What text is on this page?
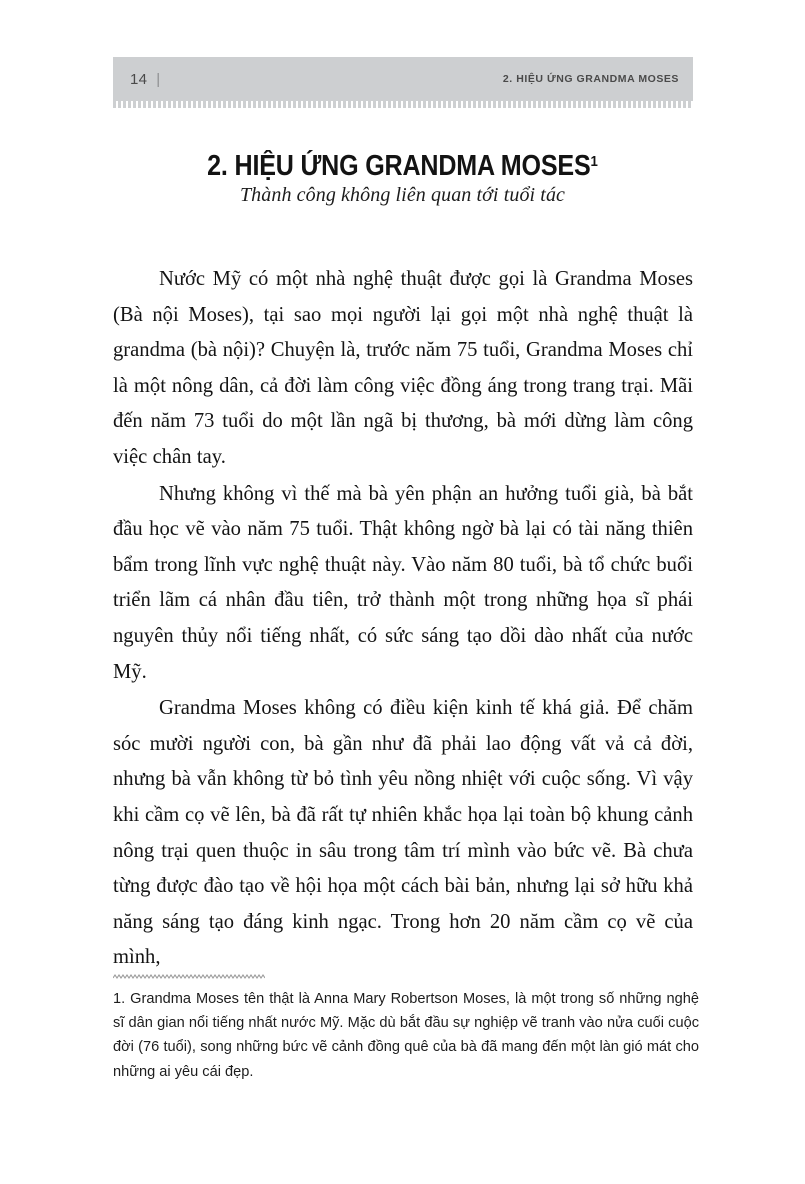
14 |	2. HIỆU ỨNG GRANDMA MOSES
2. HIỆU ỨNG GRANDMA MOSES$^1$
Thành công không liên quan tới tuổi tác

Nước Mỹ có một nhà nghệ thuật được gọi là Grandma Moses (Bà nội Moses), tại sao mọi người lại gọi một nhà nghệ thuật là grandma (bà nội)? Chuyện là, trước năm 75 tuổi, Grandma Moses chỉ là một nông dân, cả đời làm công việc đồng áng trong trang trại. Mãi đến năm 73 tuổi do một lần ngã bị thương, bà mới dừng làm công việc chân tay.

Nhưng không vì thế mà bà yên phận an hưởng tuổi già, bà bắt đầu học vẽ vào năm 75 tuổi. Thật không ngờ bà lại có tài năng thiên bẩm trong lĩnh vực nghệ thuật này. Vào năm 80 tuổi, bà tổ chức buổi triển lãm cá nhân đầu tiên, trở thành một trong những họa sĩ phái nguyên thủy nổi tiếng nhất, có sức sáng tạo dồi dào nhất của nước Mỹ.

Grandma Moses không có điều kiện kinh tế khá giả. Để chăm sóc mười người con, bà gần như đã phải lao động vất vả cả đời, nhưng bà vẫn không từ bỏ tình yêu nồng nhiệt với cuộc sống. Vì vậy khi cầm cọ vẽ lên, bà đã rất tự nhiên khắc họa lại toàn bộ khung cảnh nông trại quen thuộc in sâu trong tâm trí mình vào bức vẽ. Bà chưa từng được đào tạo về hội họa một cách bài bản, nhưng lại sở hữu khả năng sáng tạo đáng kinh ngạc. Trong hơn 20 năm cầm cọ vẽ của mình,

1. Grandma Moses tên thật là Anna Mary Robertson Moses, là một trong số những nghệ sĩ dân gian nổi tiếng nhất nước Mỹ. Mặc dù bắt đầu sự nghiệp vẽ tranh vào nửa cuối cuộc đời (76 tuổi), song những bức vẽ cảnh đồng quê của bà đã mang đến một làn gió mát cho những ai yêu cái đẹp.
